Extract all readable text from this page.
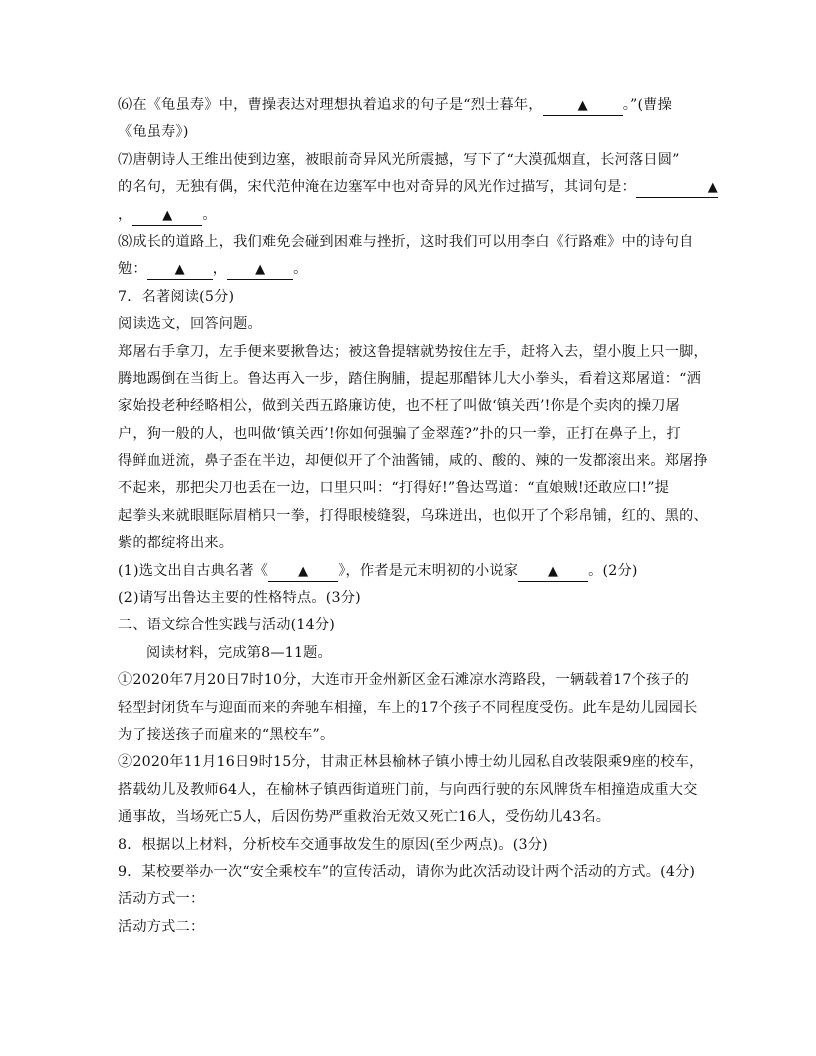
⑹在《龟虽寿》中，曹操表达对理想执着追求的句子是“烈士暮年，	▲ 。”(曹操
《龟虽寿》)
⑺唐朝诗人王维出使到边塞，被眼前奇异风光所震撼，写下了“大漠孤烟直，长河落日圆”
的名句，无独有偶，宋代范仲淹在边塞军中也对奇异的风光作过描写，其词句是：	▲
， ▲ 。
⑻成长的道路上，我们难免会碰到困难与挫折，这时我们可以用李白《行路难》中的诗句自
勉： ▲ ， ▲ 。
7．名著阅读(5分)
阅读选文，回答问题。
郑屠右手拿刀，左手便来要揪鲁达；被这鲁提辖就势按住左手，赶将入去，望小腹上只一脚，
腾地踢倒在当街上。鲁达再入一步，踏住胸脯，提起那醋钵儿大小拳头，看着这郑屠道：“洒
家始投老种经略相公，做到关西五路廉访使，也不枉了叫做‘镇关西’!你是个卖肉的操刀屠
户，狗一般的人，也叫做‘镇关西’!你如何强骗了金翠莲?”扑的只一拳，正打在鼻子上，打
得鲜血迸流，鼻子歪在半边，却便似开了个油酱铺，咸的、酸的、辣的一发都滚出来。郑屠挣
不起来，那把尖刀也丢在一边，口里只叫：“打得好!”鲁达骂道：“直娘贼!还敢应口!”提
起拳头来就眼眶际眉梢只一拳，打得眼棱缝裂，乌珠迸出，也似开了个彩帛铺，红的、黑的、
紫的都绽将出来。
(1)选文出自古典名著《 ▲ 》，作者是元末明初的小说家 ▲ 。(2分)
(2)请写出鲁达主要的性格特点。(3分)
二、语文综合性实践与活动(14分)
阅读材料，完成第8—11题。
①2020年7月20日7时10分，大连市开金州新区金石滩凉水湾路段，一辆载着17个孩子的
轻型封闭货车与迎面而来的奔驰车相撞，车上的17个孩子不同程度受伤。此车是幼儿园园长
为了接送孩子而雇来的“黑校车”。
②2020年11月16日9时15分，甘肃正林县榆林子镇小博士幼儿园私自改装限乘9座的校车，
搭载幼儿及教师64人，在榆林子镇西街道班门前，与向西行驶的东风牌货车相撞造成重大交
通事故，当场死亡5人，后因伤势严重救治无效又死亡16人，受伤幼儿43名。
8．根据以上材料，分析校车交通事故发生的原因(至少两点)。(3分)
9．某校要举办一次“安全乘校车”的宣传活动，请你为此次活动设计两个活动的方式。(4分)
活动方式一：
活动方式二：
